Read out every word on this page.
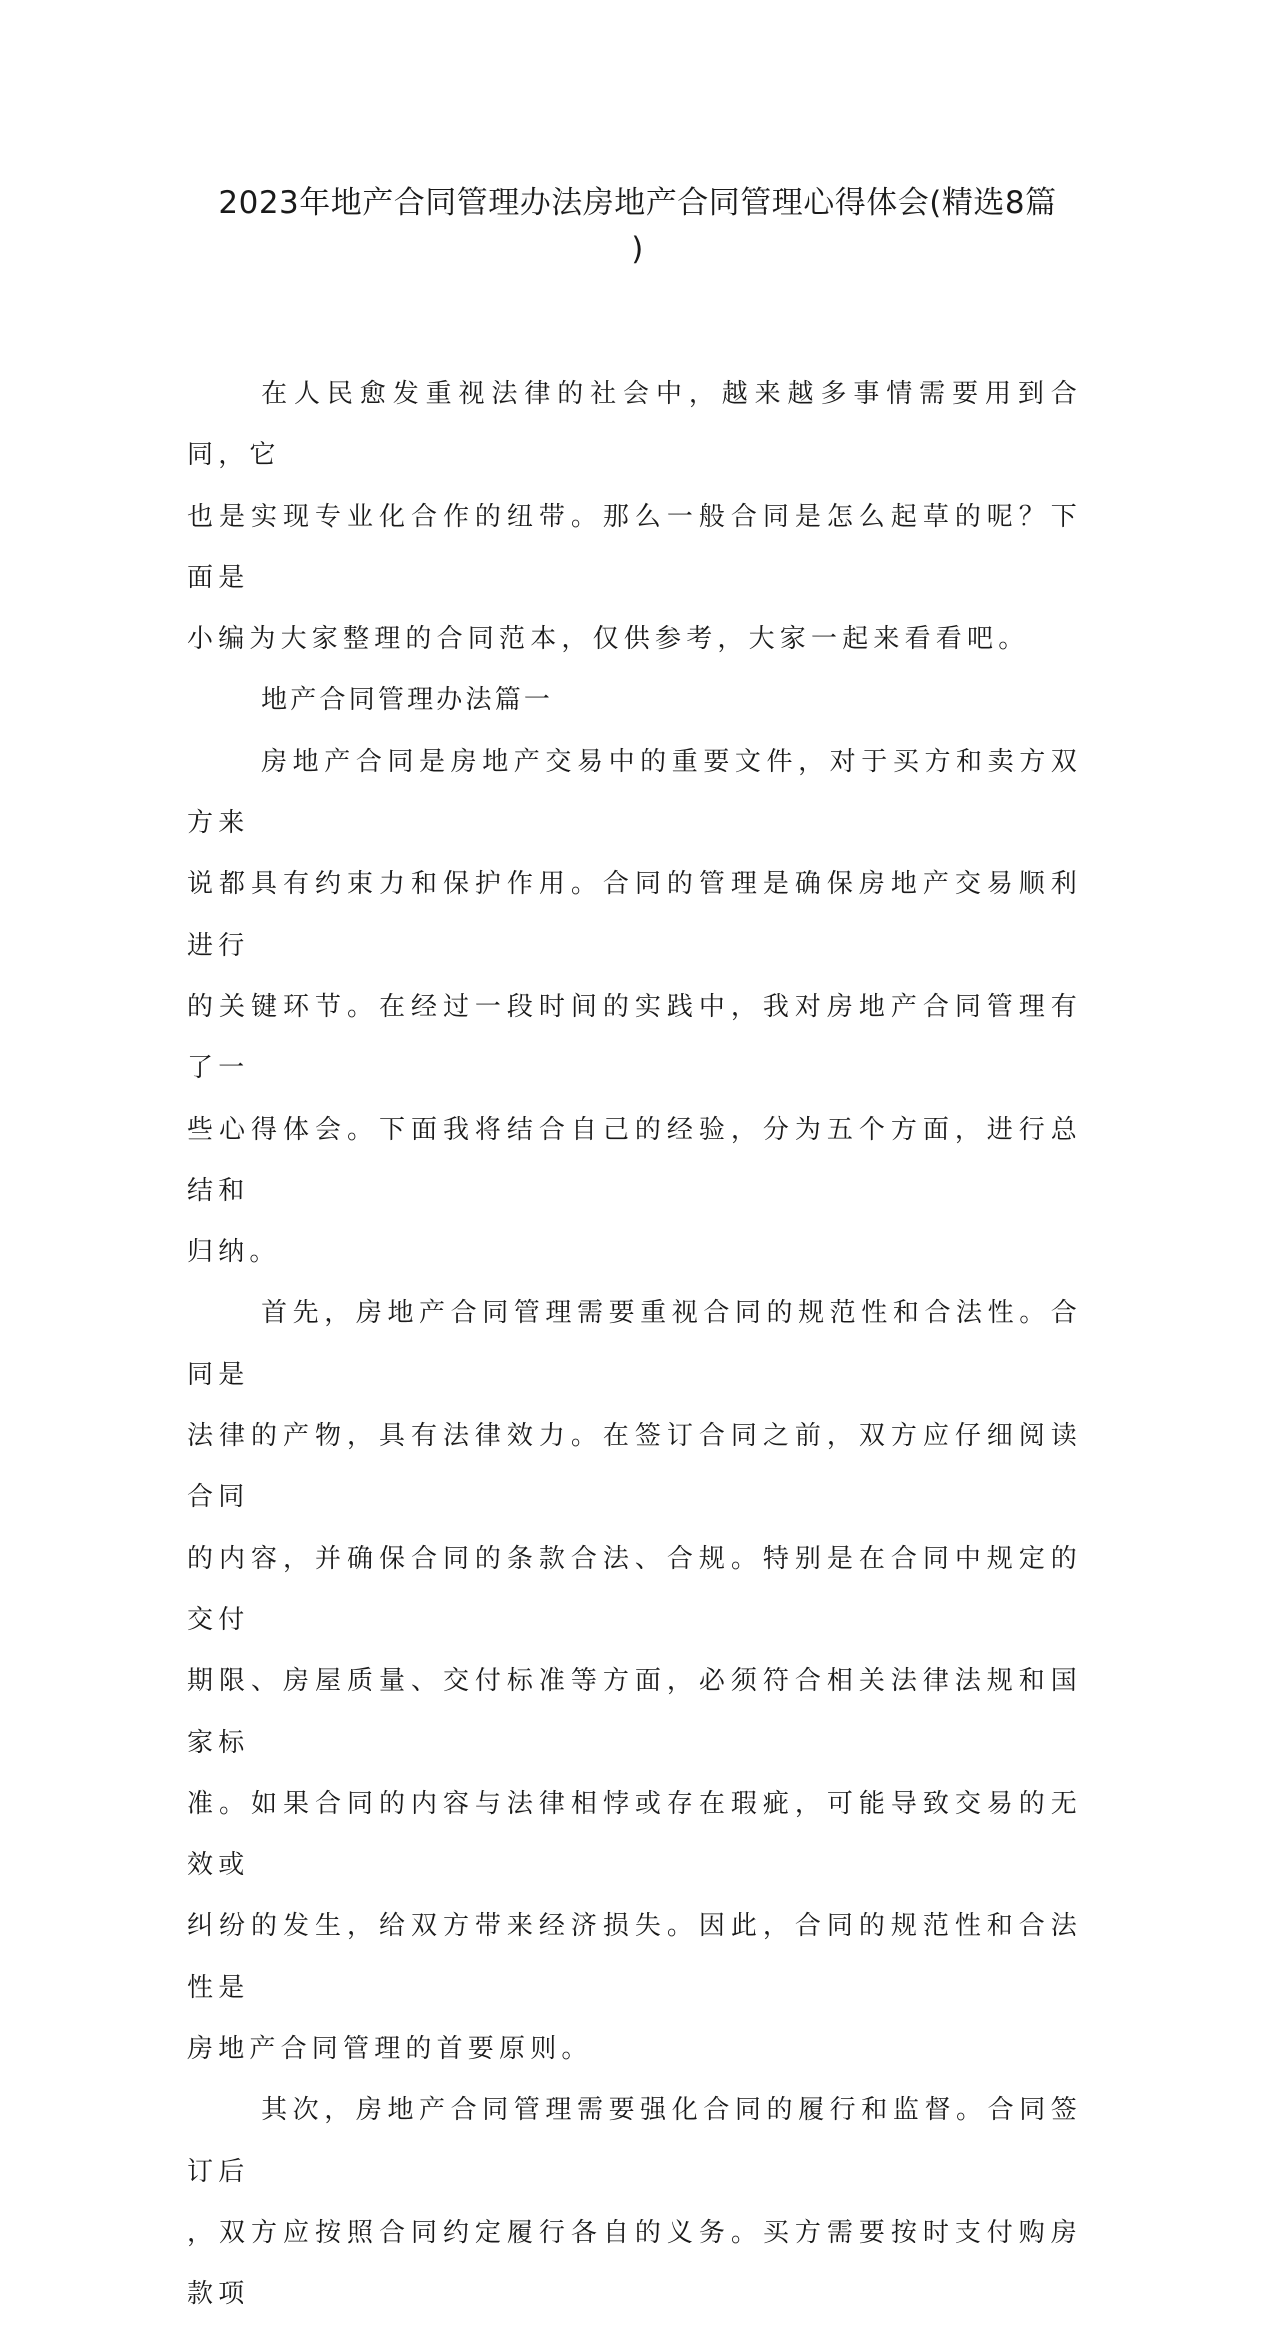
2023年地产合同管理办法房地产合同管理心得体会(精选8篇
)

在人民愈发重视法律的社会中，越来越多事情需要用到合同，它
也是实现专业化合作的纽带。那么一般合同是怎么起草的呢？下面是
小编为大家整理的合同范本，仅供参考，大家一起来看看吧。

地产合同管理办法篇一

房地产合同是房地产交易中的重要文件，对于买方和卖方双方来
说都具有约束力和保护作用。合同的管理是确保房地产交易顺利进行
的关键环节。在经过一段时间的实践中，我对房地产合同管理有了一
些心得体会。下面我将结合自己的经验，分为五个方面，进行总结和
归纳。

首先，房地产合同管理需要重视合同的规范性和合法性。合同是
法律的产物，具有法律效力。在签订合同之前，双方应仔细阅读合同
的内容，并确保合同的条款合法、合规。特别是在合同中规定的交付
期限、房屋质量、交付标准等方面，必须符合相关法律法规和国家标
准。如果合同的内容与法律相悖或存在瑕疵，可能导致交易的无效或
纠纷的发生，给双方带来经济损失。因此，合同的规范性和合法性是
房地产合同管理的首要原则。

其次，房地产合同管理需要强化合同的履行和监督。合同签订后
，双方应按照合同约定履行各自的义务。买方需要按时支付购房款项
